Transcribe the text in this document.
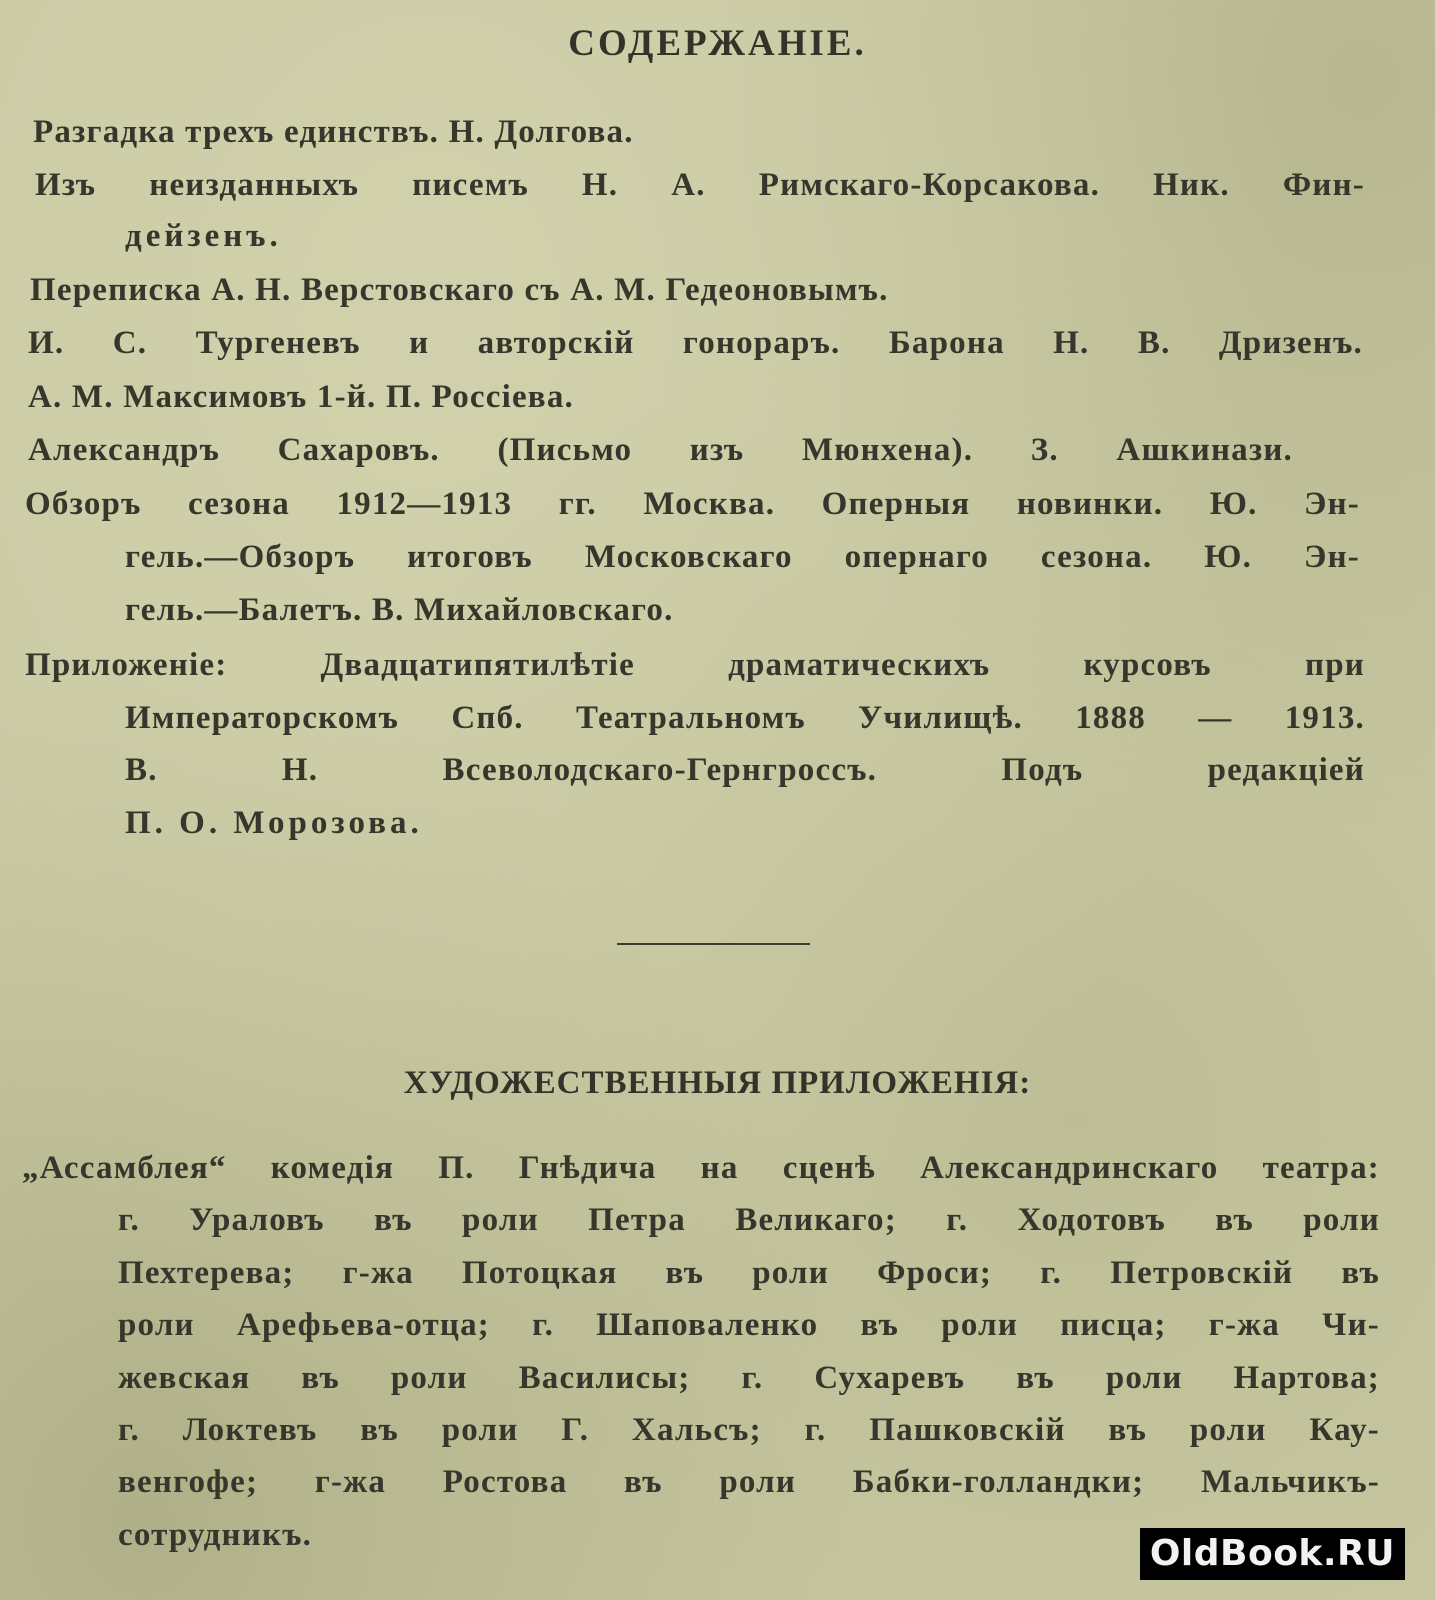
СОДЕРЖАНІЕ.
Разгадка трехъ единствъ. Н. Долгова.
Изъ неизданныхъ писемъ Н. А. Римскаго-Корсакова. Ник. Фин-
дейзенъ.
Переписка А. Н. Верстовскаго съ А. М. Гедеоновымъ.
И. С. Тургеневъ и авторскій гонораръ. Барона Н. В. Дризенъ.
А. М. Максимовъ 1-й. П. Россіева.
Александръ Сахаровъ. (Письмо изъ Мюнхена). З. Ашкинази.
Обзоръ сезона 1912—1913 гг. Москва. Оперныя новинки. Ю. Эн-
гель.—Обзоръ итоговъ Московскаго опернаго сезона. Ю. Эн-
гель.—Балетъ. В. Михайловскаго.
Приложеніе: Двадцатипятилѣтіе драматическихъ курсовъ при
Императорскомъ Спб. Театральномъ Училищѣ. 1888 — 1913.
В. Н. Всеволодскаго-Гернгроссъ. Подъ редакціей
П. О. Морозова.
ХУДОЖЕСТВЕННЫЯ ПРИЛОЖЕНІЯ:
„Ассамблея“ комедія П. Гнѣдича на сценѣ Александринскаго театра:
г. Ураловъ въ роли Петра Великаго; г. Ходотовъ въ роли
Пехтерева; г-жа Потоцкая въ роли Фроси; г. Петровскій въ
роли Арефьева-отца; г. Шаповаленко въ роли писца; г-жа Чи-
жевская въ роли Василисы; г. Сухаревъ въ роли Нартова;
г. Локтевъ въ роли Г. Хальсъ; г. Пашковскій въ роли Кау-
венгофе; г-жа Ростова въ роли Бабки-голландки; Мальчикъ-
сотрудникъ.	OldBook.RU
